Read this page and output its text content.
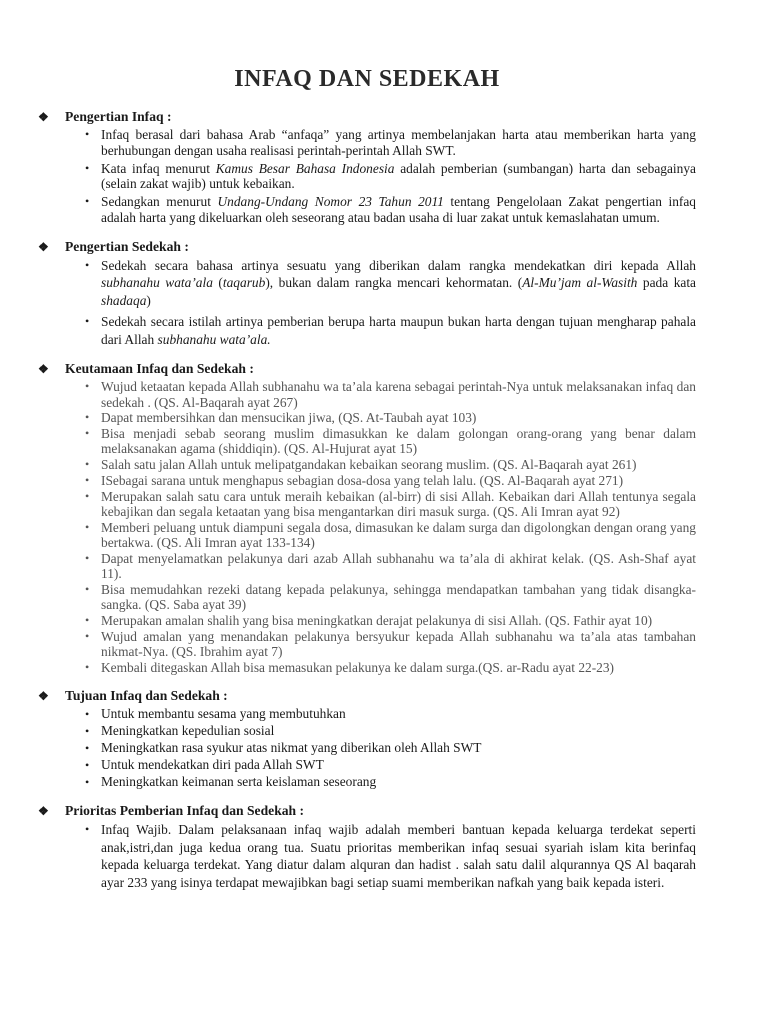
INFAQ DAN SEDEKAH
❖	Pengertian Infaq :
• Infaq berasal dari bahasa Arab “anfaqa” yang artinya membelanjakan harta atau memberikan harta yang berhubungan dengan usaha realisasi perintah-perintah Allah SWT.
• Kata infaq menurut Kamus Besar Bahasa Indonesia adalah pemberian (sumbangan) harta dan sebagainya (selain zakat wajib) untuk kebaikan.
• Sedangkan menurut Undang-Undang Nomor 23 Tahun 2011 tentang Pengelolaan Zakat pengertian infaq adalah harta yang dikeluarkan oleh seseorang atau badan usaha di luar zakat untuk kemaslahatan umum.
❖	Pengertian Sedekah :
• Sedekah secara bahasa artinya sesuatu yang diberikan dalam rangka mendekatkan diri kepada Allah subhanahu wata’ala (taqarub), bukan dalam rangka mencari kehormatan. (Al-Mu’jam al-Wasith pada kata shadaqa)
• Sedekah secara istilah artinya pemberian berupa harta maupun bukan harta dengan tujuan mengharap pahala dari Allah subhanahu wata’ala.
❖	Keutamaan Infaq dan Sedekah :
• Wujud ketaatan kepada Allah subhanahu wa ta’ala karena sebagai perintah-Nya untuk melaksanakan infaq dan sedekah . (QS. Al-Baqarah ayat 267)
• Dapat membersihkan dan mensucikan jiwa, (QS. At-Taubah ayat 103)
• Bisa menjadi sebab seorang muslim dimasukkan ke dalam golongan orang-orang yang benar dalam melaksanakan agama (shiddiqin). (QS. Al-Hujurat ayat 15)
• Salah satu jalan Allah untuk melipatgandakan kebaikan seorang muslim. (QS. Al-Baqarah ayat 261)
• ISebagai sarana untuk menghapus sebagian dosa-dosa yang telah lalu. (QS. Al-Baqarah ayat 271)
• Merupakan salah satu cara untuk meraih kebaikan (al-birr) di sisi Allah. Kebaikan dari Allah tentunya segala kebajikan dan segala ketaatan yang bisa mengantarkan diri masuk surga. (QS. Ali Imran ayat 92)
• Memberi peluang untuk diampuni segala dosa, dimasukan ke dalam surga dan digolongkan dengan orang yang bertakwa. (QS. Ali Imran ayat 133-134)
• Dapat menyelamatkan pelakunya dari azab Allah subhanahu wa ta’ala di akhirat kelak. (QS. Ash-Shaf ayat 11).
• Bisa memudahkan rezeki datang kepada pelakunya, sehingga mendapatkan tambahan yang tidak disangka-sangka. (QS. Saba ayat 39)
• Merupakan amalan shalih yang bisa meningkatkan derajat pelakunya di sisi Allah. (QS. Fathir ayat 10)
• Wujud amalan yang menandakan pelakunya bersyukur kepada Allah subhanahu wa ta’ala atas tambahan nikmat-Nya. (QS. Ibrahim ayat 7)
• Kembali ditegaskan Allah bisa memasukan pelakunya ke dalam surga.(QS. ar-Radu ayat 22-23)
❖	Tujuan Infaq dan Sedekah :
• Untuk membantu sesama yang membutuhkan
• Meningkatkan kepedulian sosial
• Meningkatkan rasa syukur atas nikmat yang diberikan oleh Allah SWT
• Untuk mendekatkan diri pada Allah SWT
• Meningkatkan keimanan serta keislaman seseorang
❖	Prioritas Pemberian Infaq dan Sedekah :
• Infaq Wajib. Dalam pelaksanaan infaq wajib adalah memberi bantuan kepada keluarga terdekat seperti anak,istri,dan juga kedua orang tua. Suatu prioritas memberikan infaq sesuai syariah islam kita berinfaq kepada keluarga terdekat. Yang diatur dalam alquran dan hadist . salah satu dalil alqurannya QS Al baqarah ayar 233 yang isinya terdapat mewajibkan bagi setiap suami memberikan nafkah yang baik kepada isteri.
